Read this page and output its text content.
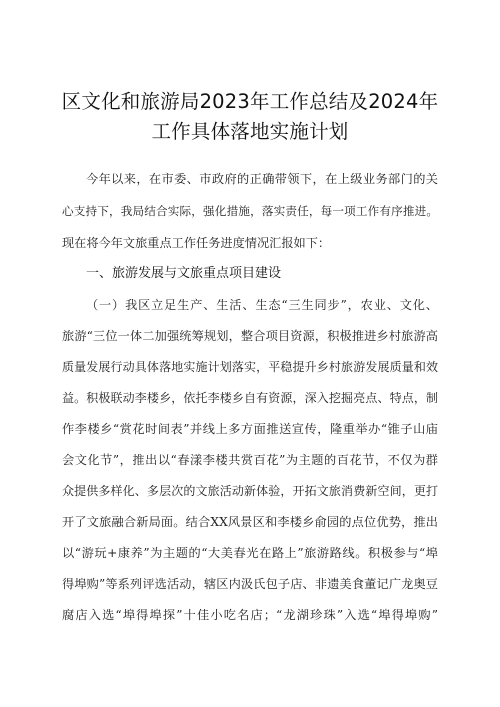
区文化和旅游局2023年工作总结及2024年
工作具体落地实施计划
今年以来，在市委、市政府的正确带领下，在上级业务部门的关
心支持下，我局结合实际，强化措施，落实责任，每一项工作有序推进。
现在将今年文旅重点工作任务进度情况汇报如下：
一、旅游发展与文旅重点项目建设
（一）我区立足生产、生活、生态“三生同步”，农业、文化、
旅游“三位一体二加强统筹规划，整合项目资源，积极推进乡村旅游高
质量发展行动具体落地实施计划落实，平稳提升乡村旅游发展质量和效
益。积极联动李楼乡，依托李楼乡自有资源，深入挖掘亮点、特点，制
作李楼乡“赏花时间表”并线上多方面推送宣传，隆重举办“锥子山庙
会文化节”，推出以“春漾李楼共赏百花”为主题的百花节，不仅为群
众提供多样化、多层次的文旅活动新体验，开拓文旅消费新空间，更打
开了文旅融合新局面。结合XX风景区和李楼乡俞园的点位优势，推出
以“游玩+康养”为主题的“大美春光在路上”旅游路线。积极参与“埠
得埠购”等系列评选活动，辖区内汲氏包子店、非遗美食董记广龙奥豆
腐店入选“埠得埠探”十佳小吃名店；“龙湖珍珠”入选“埠得埠购”
